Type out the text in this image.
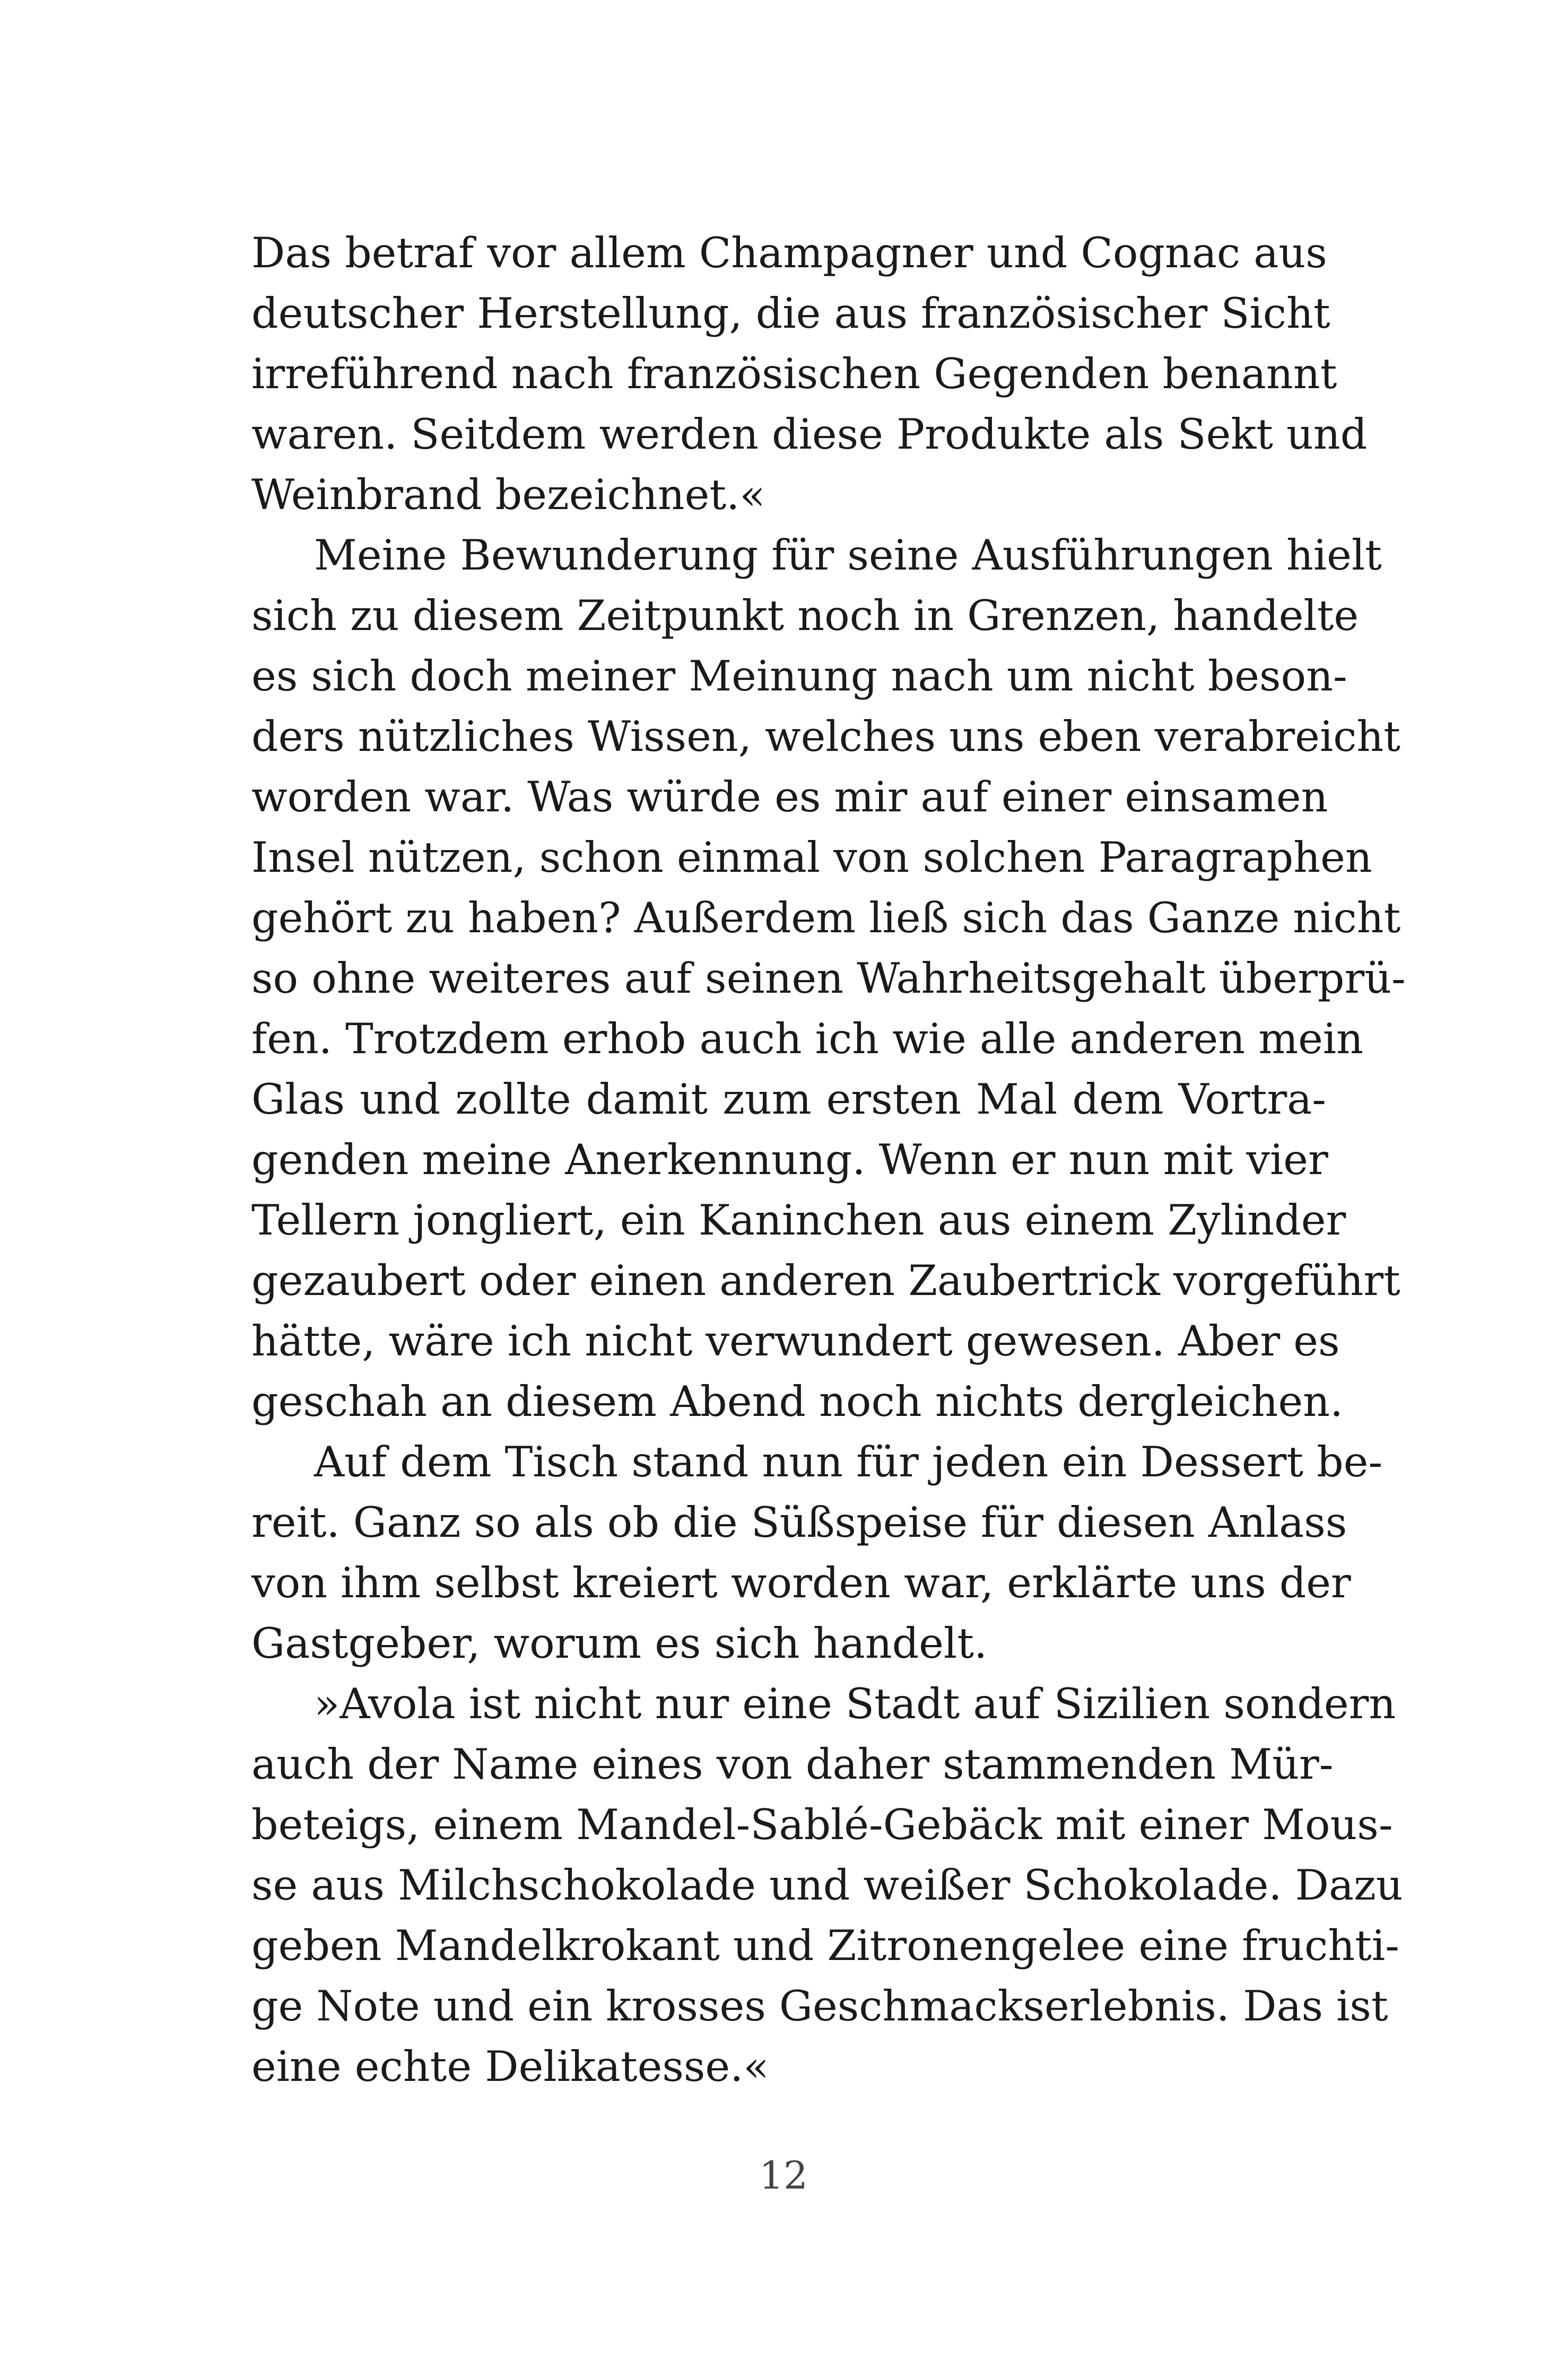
Das betraf vor allem Champagner und Cognac aus
deutscher Herstellung, die aus französischer Sicht
irreführend nach französischen Gegenden benannt
waren. Seitdem werden diese Produkte als Sekt und
Weinbrand bezeichnet.«
Meine Bewunderung für seine Ausführungen hielt
sich zu diesem Zeitpunkt noch in Grenzen, handelte
es sich doch meiner Meinung nach um nicht beson-
ders nützliches Wissen, welches uns eben verabreicht
worden war. Was würde es mir auf einer einsamen
Insel nützen, schon einmal von solchen Paragraphen
gehört zu haben? Außerdem ließ sich das Ganze nicht
so ohne weiteres auf seinen Wahrheitsgehalt überprü-
fen. Trotzdem erhob auch ich wie alle anderen mein
Glas und zollte damit zum ersten Mal dem Vortra-
genden meine Anerkennung. Wenn er nun mit vier
Tellern jongliert, ein Kaninchen aus einem Zylinder
gezaubert oder einen anderen Zaubertrick vorgeführt
hätte, wäre ich nicht verwundert gewesen. Aber es
geschah an diesem Abend noch nichts dergleichen.
Auf dem Tisch stand nun für jeden ein Dessert be-
reit. Ganz so als ob die Süßspeise für diesen Anlass
von ihm selbst kreiert worden war, erklärte uns der
Gastgeber, worum es sich handelt.
»Avola ist nicht nur eine Stadt auf Sizilien sondern
auch der Name eines von daher stammenden Mür-
beteigs, einem Mandel-Sablé-Gebäck mit einer Mous-
se aus Milchschokolade und weißer Schokolade. Dazu
geben Mandelkrokant und Zitronengelee eine fruchti-
ge Note und ein krosses Geschmackserlebnis. Das ist
eine echte Delikatesse.«
12
